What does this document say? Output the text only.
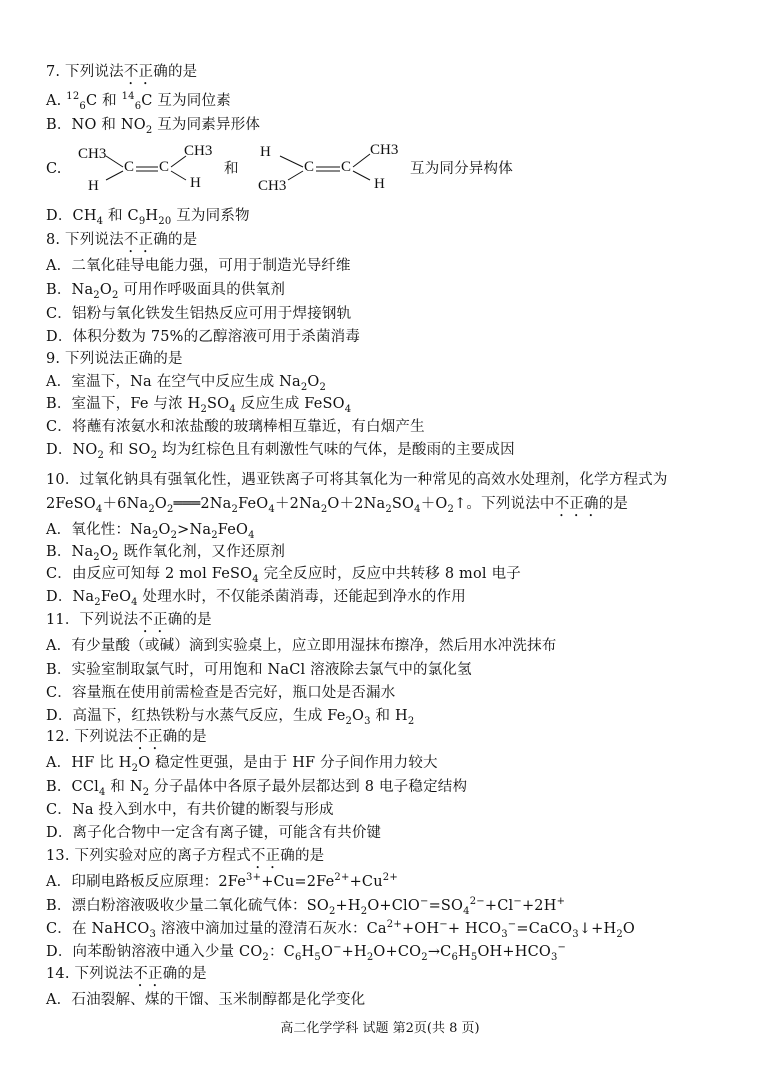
7. 下列说法不正确的是
A. $^{12}_6$C 和 $^{14}_6$C 互为同位素
B．NO 和 $NO_2$ 互为同素异形体
C.
CH3
C C
CH3
H	H
和
H
C C
CH3
CH3	H
互为同分异构体
D．$CH_4$ 和 $C_9H_{20}$ 互为同系物
8. 下列说法不正确的是
A．二氧化硅导电能力强，可用于制造光导纤维
B．$Na_2O_2$ 可用作呼吸面具的供氧剂
C．铝粉与氧化铁发生铝热反应可用于焊接钢轨
D．体积分数为 75%的乙醇溶液可用于杀菌消毒
9. 下列说法正确的是
A．室温下，Na 在空气中反应生成 $Na_2O_2$
B．室温下，Fe 与浓 $H_2SO_4$ 反应生成 FeSO$_4$
C．将蘸有浓氨水和浓盐酸的玻璃棒相互靠近，有白烟产生
D．$NO_2$ 和 $SO_2$ 均为红棕色且有刺激性气味的气体，是酸雨的主要成因
10．过氧化钠具有强氧化性，遇亚铁离子可将其氧化为一种常见的高效水处理剂，化学方程式为
$2FeSO_4+6Na_2O_2═══2Na_2FeO_4+2Na_2O+2Na_2SO_4+O_2↑$。下列说法中不正确的是
A．氧化性：$Na_2O_2>Na_2FeO_4$
B．$Na_2O_2$ 既作氧化剂，又作还原剂
C．由反应可知每 2 mol FeSO$_4$ 完全反应时，反应中共转移 8 mol 电子
D．$Na_2FeO_4$ 处理水时，不仅能杀菌消毒，还能起到净水的作用
11．下列说法不正确的是
A．有少量酸（或碱）滴到实验桌上，应立即用湿抹布擦净，然后用水冲洗抹布
B．实验室制取氯气时，可用饱和 NaCl 溶液除去氯气中的氯化氢
C．容量瓶在使用前需检查是否完好，瓶口处是否漏水
D．高温下，红热铁粉与水蒸气反应，生成 $Fe_2O_3$ 和 $H_2$
12. 下列说法不正确的是
A．HF 比 $H_2O$ 稳定性更强，是由于 HF 分子间作用力较大
B．CCl$_4$ 和 $N_2$ 分子晶体中各原子最外层都达到 8 电子稳定结构
C．Na 投入到水中，有共价键的断裂与形成
D．离子化合物中一定含有离子键，可能含有共价键
13. 下列实验对应的离子方程式不正确的是
A．印刷电路板反应原理：$2Fe^{3+}+Cu=2Fe^{2+}+Cu^{2+}$
B．漂白粉溶液吸收少量二氧化硫气体：$SO_2+H_2O+ClO^-=SO_4^{2-}+Cl^-+2H^+$
C．在 NaHCO$_3$ 溶液中滴加过量的澄清石灰水：$Ca^{2+}+OH^-+$ $HCO_3^-=CaCO_3↓+H_2O$
D．向苯酚钠溶液中通入少量 $CO_2$：$C_6H_5O^-+H_2O+CO_2\to C_6H_5OH+HCO_3^-$
14. 下列说法不正确的是
A．石油裂解、煤的干馏、玉米制醇都是化学变化
高二化学学科 试题 第2页(共 8 页)
